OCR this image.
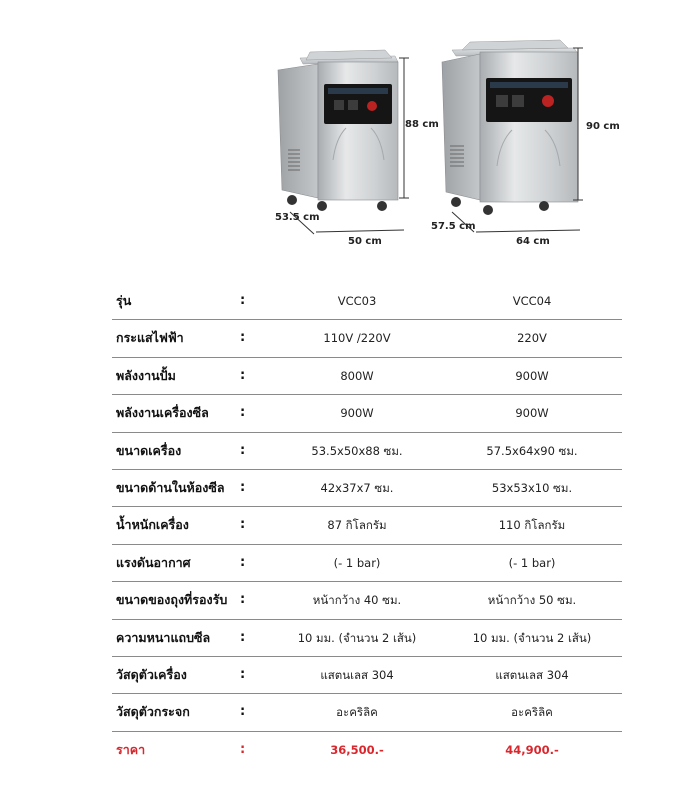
88 cm
53.5 cm
50 cm
90 cm
57.5 cm
64 cm
รุ่น	:	VCC03	VCC04
กระแสไฟฟ้า	:	110V /220V	220V
พลังงานปั้ม	:	800W	900W
พลังงานเครื่องซีล :	900W	900W
ขนาดเครื่อง	:	53.5x50x88 ซม.	57.5x64x90 ซม.
ขนาดด้านในห้องซีล :	42x37x7 ซม.	53x53x10 ซม.
น้ำหนักเครื่อง	:	87 กิโลกรัม	110 กิโลกรัม
แรงดันอากาศ	:	(- 1 bar)	(- 1 bar)
ขนาดของถุงที่รองรับ :	หน้ากว้าง 40 ซม.	หน้ากว้าง 50 ซม.
ความหนาแถบซีล :	10 มม. (จำนวน 2 เส้น)	10 มม. (จำนวน 2 เส้น)
วัสดุตัวเครื่อง	:	แสตนเลส 304	แสตนเลส 304
วัสดุตัวกระจก	:	อะคริลิค	อะคริลิค
ราคา	:	36,500.-	44,900.-
